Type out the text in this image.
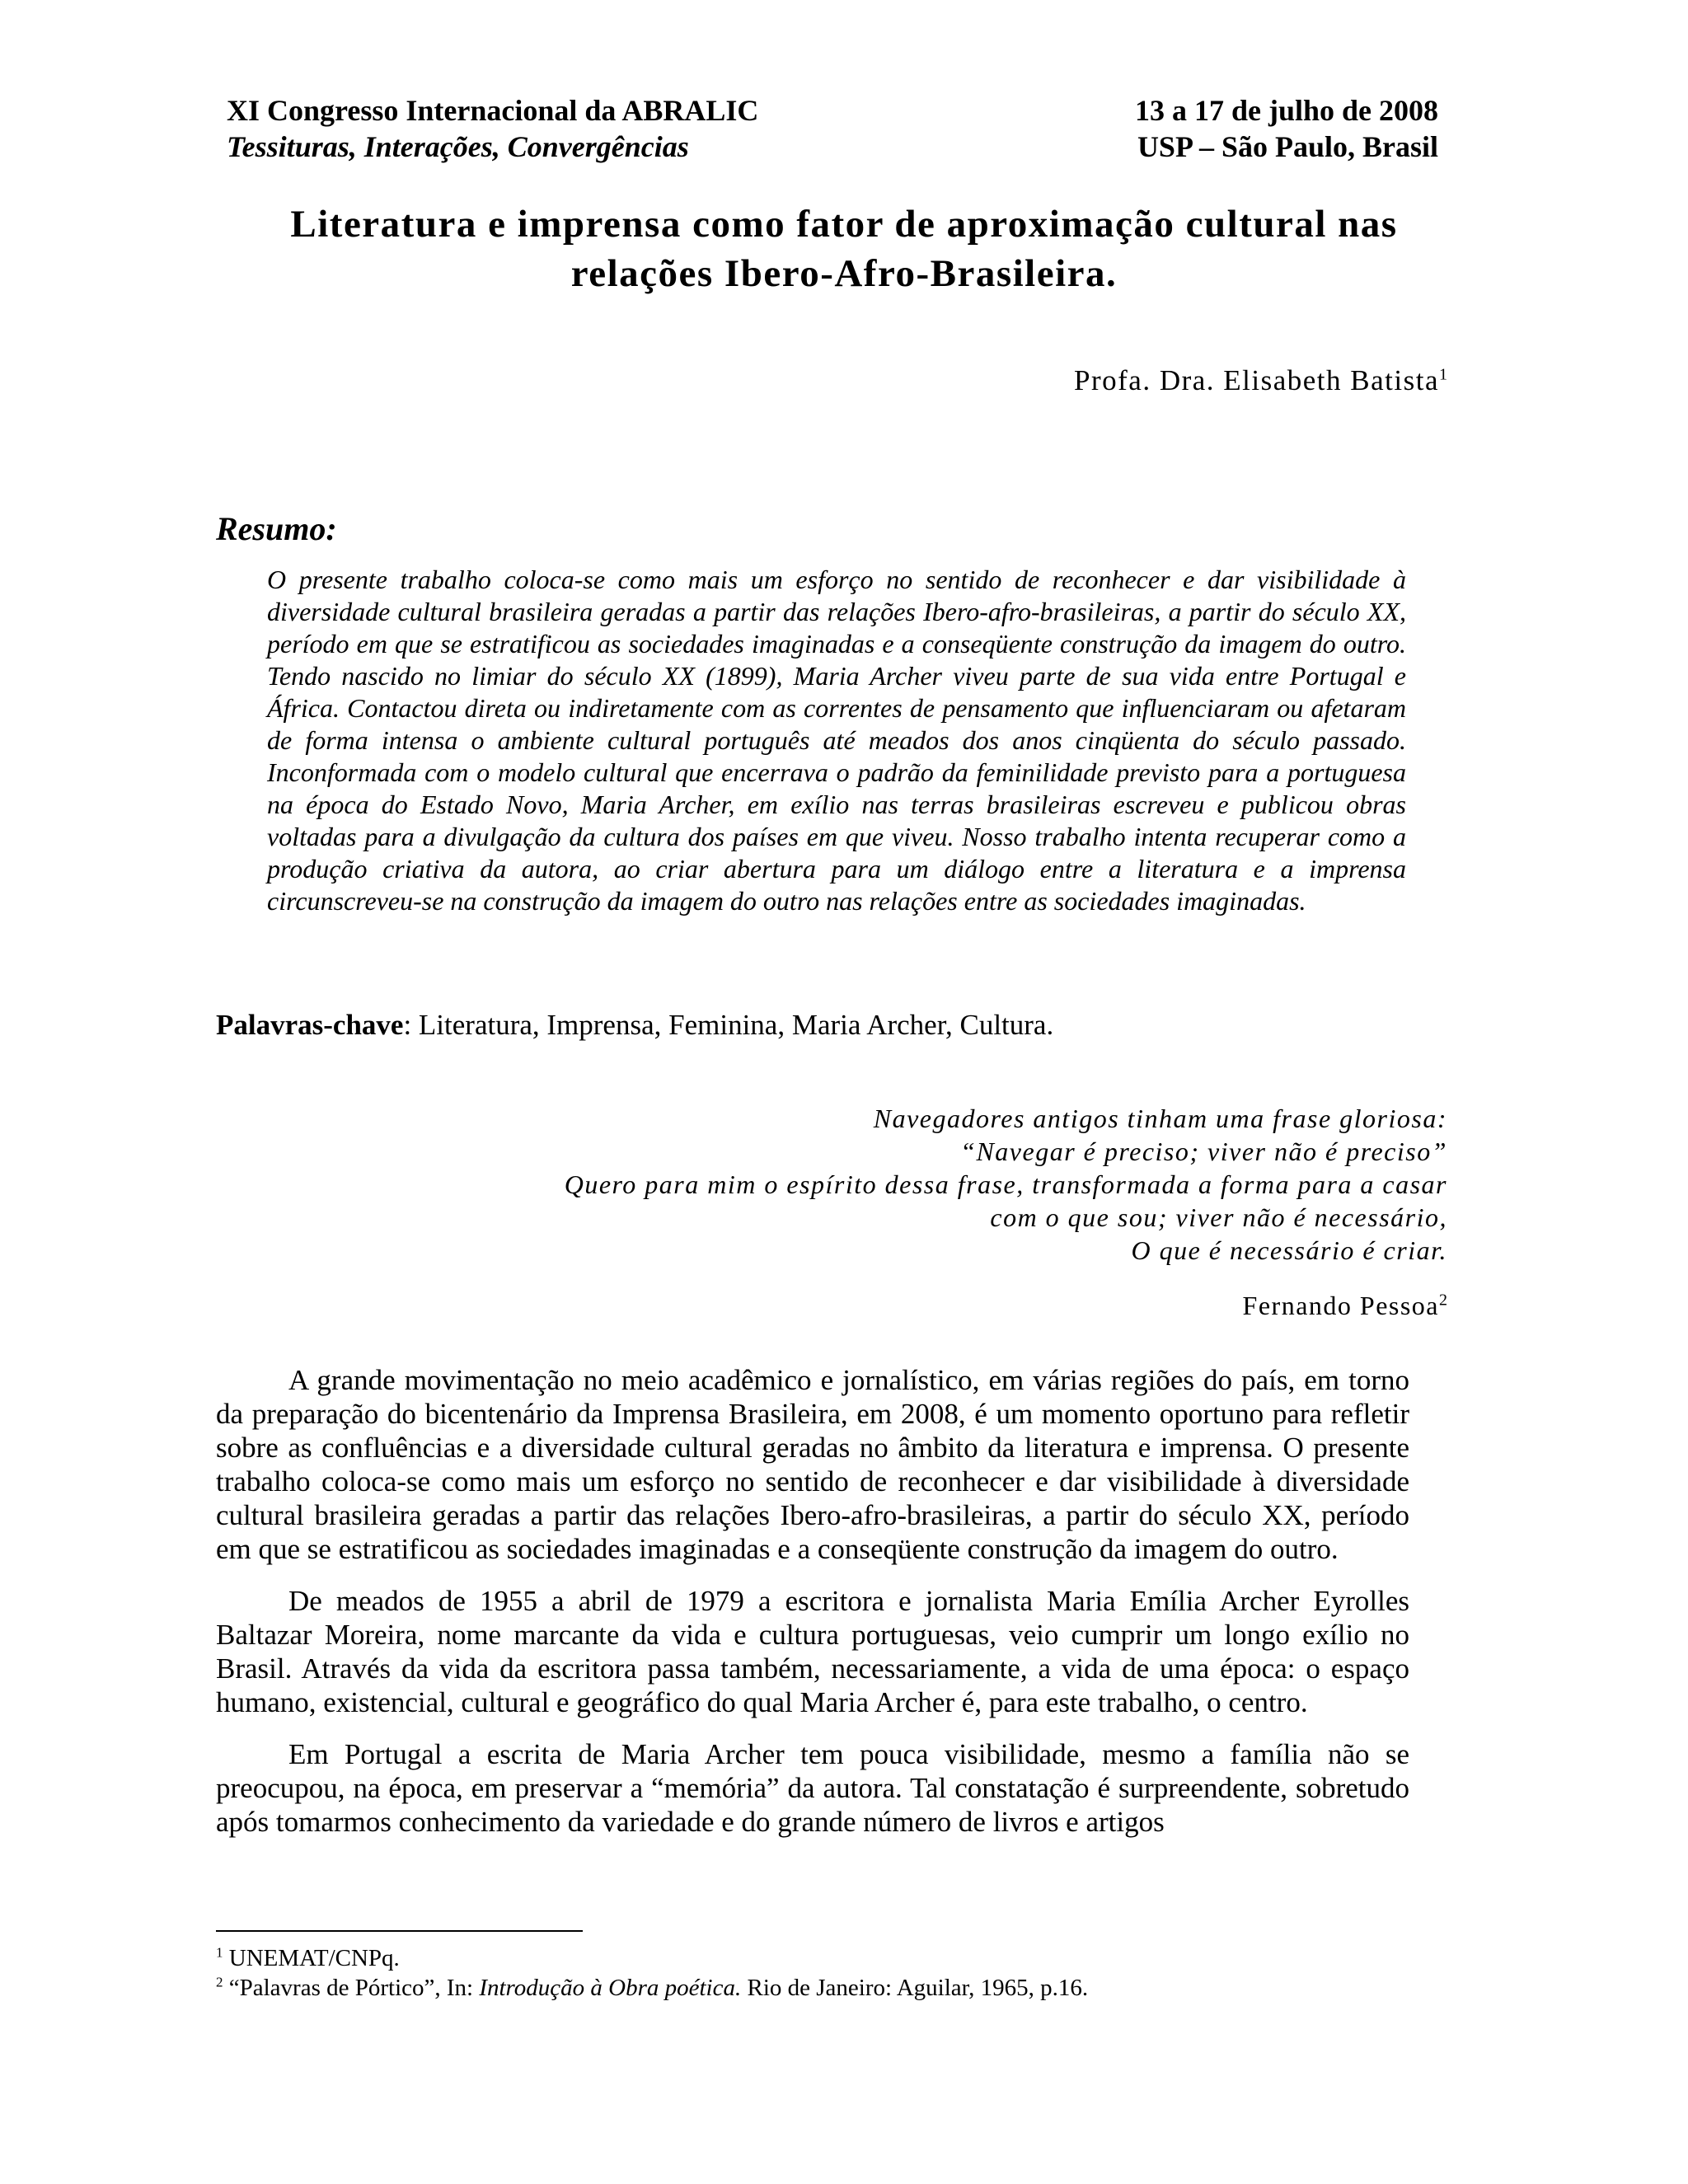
XI Congresso Internacional da ABRALIC
Tessituras, Interações, Convergências
13 a 17 de julho de 2008
USP – São Paulo, Brasil
Literatura e imprensa como fator de aproximação cultural nas
relações Ibero-Afro-Brasileira.
Profa. Dra. Elisabeth Batista$^1$
Resumo:
O presente trabalho coloca-se como mais um esforço no sentido de reconhecer e dar visibilidade à diversidade cultural brasileira geradas a partir das relações Ibero-afro-brasileiras, a partir do século XX, período em que se estratificou as sociedades imaginadas e a conseqüente construção da imagem do outro. Tendo nascido no limiar do século XX (1899), Maria Archer viveu parte de sua vida entre Portugal e África. Contactou direta ou indiretamente com as correntes de pensamento que influenciaram ou afetaram de forma intensa o ambiente cultural português até meados dos anos cinqüenta do século passado. Inconformada com o modelo cultural que encerrava o padrão da feminilidade previsto para a portuguesa na época do Estado Novo, Maria Archer, em exílio nas terras brasileiras escreveu e publicou obras voltadas para a divulgação da cultura dos países em que viveu. Nosso trabalho intenta recuperar como a produção criativa da autora, ao criar abertura para um diálogo entre a literatura e a imprensa circunscreveu-se na construção da imagem do outro nas relações entre as sociedades imaginadas.
Palavras-chave: Literatura, Imprensa, Feminina, Maria Archer, Cultura.
Navegadores antigos tinham uma frase gloriosa:
“Navegar é preciso; viver não é preciso”
Quero para mim o espírito dessa frase, transformada a forma para a casar
com o que sou; viver não é necessário,
O que é necessário é criar.
Fernando Pessoa$^2$

A grande movimentação no meio acadêmico e jornalístico, em várias regiões do país, em torno da preparação do bicentenário da Imprensa Brasileira, em 2008, é um momento oportuno para refletir sobre as confluências e a diversidade cultural geradas no âmbito da literatura e imprensa. O presente trabalho coloca-se como mais um esforço no sentido de reconhecer e dar visibilidade à diversidade cultural brasileira geradas a partir das relações Ibero-afro-brasileiras, a partir do século XX, período em que se estratificou as sociedades imaginadas e a conseqüente construção da imagem do outro.

De meados de 1955 a abril de 1979 a escritora e jornalista Maria Emília Archer Eyrolles Baltazar Moreira, nome marcante da vida e cultura portuguesas, veio cumprir um longo exílio no Brasil. Através da vida da escritora passa também, necessariamente, a vida de uma época: o espaço humano, existencial, cultural e geográfico do qual Maria Archer é, para este trabalho, o centro.

Em Portugal a escrita de Maria Archer tem pouca visibilidade, mesmo a família não se preocupou, na época, em preservar a “memória” da autora. Tal constatação é surpreendente, sobretudo após tomarmos conhecimento da variedade e do grande número de livros e artigos

$^1$ UNEMAT/CNPq.
$^2$ “Palavras de Pórtico”, In: Introdução à Obra poética. Rio de Janeiro: Aguilar, 1965, p.16.
